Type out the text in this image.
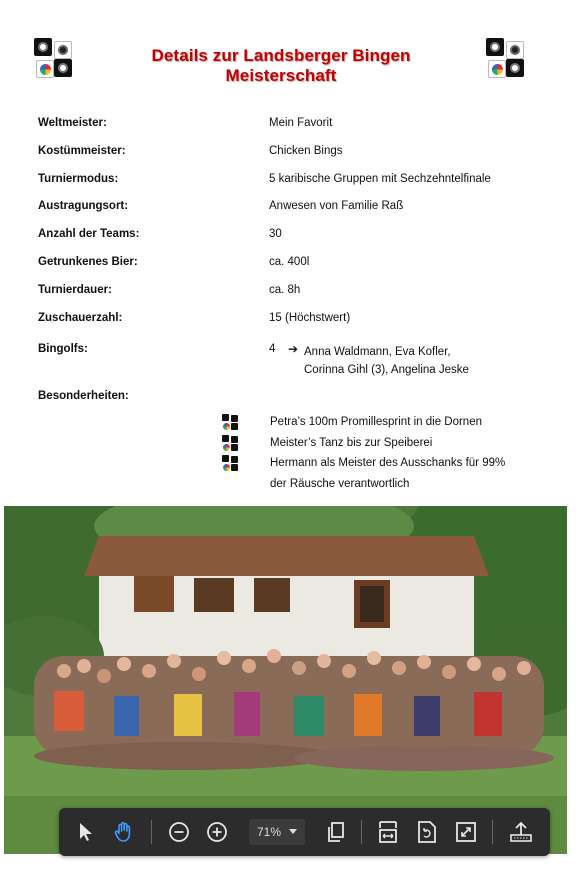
Details zur Landsberger Bingen Meisterschaft
Weltmeister:	Mein Favorit
Kostümmeister:	Chicken Bings
Turniermodus:	5 karibische Gruppen mit Sechzehntelfinale
Austragungsort:	Anwesen von Familie Raß
Anzahl der Teams:	30
Getrunkenes Bier:	ca. 400l
Turnierdauer:	ca. 8h
Zuschauerzahl:	15 (Höchstwert)
Bingolfs:	4 ➔ Anna Waldmann, Eva Kofler,
Corinna Gihl (3), Angelina Jeske
Besonderheiten:
Petra’s 100m Promillesprint in die Dornen
Meister’s Tanz bis zur Speiberei
Hermann als Meister des Ausschanks für 99%
der Räusche verantwortlich
71%
